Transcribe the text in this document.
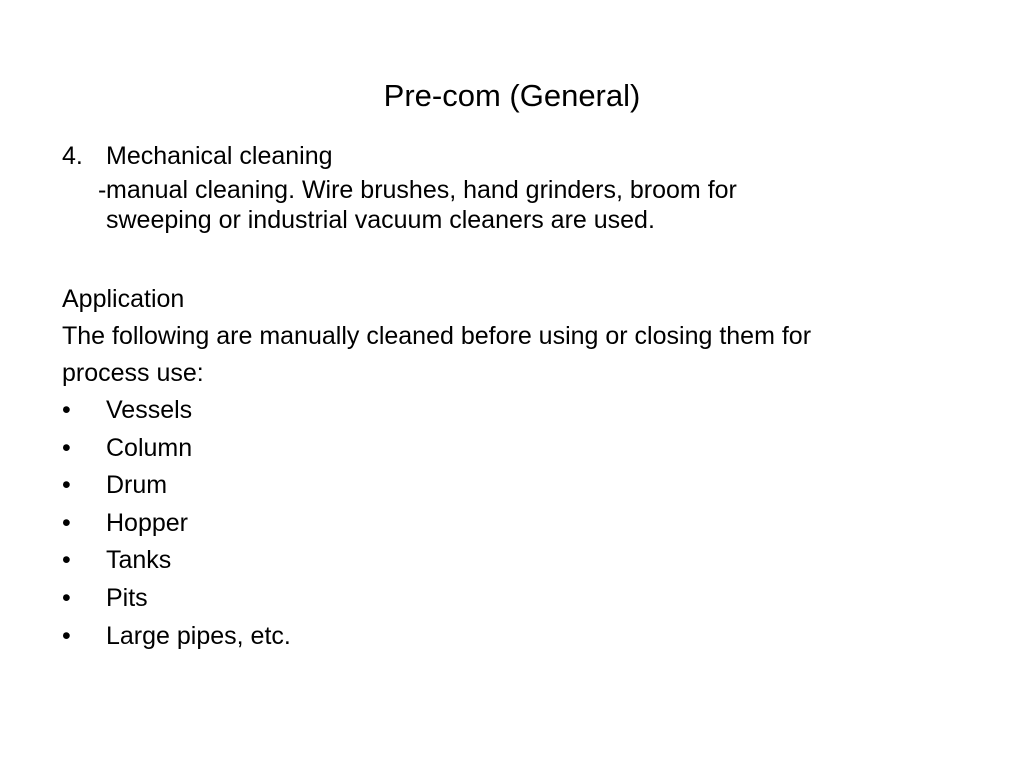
Pre-com (General)
4. Mechanical cleaning
-manual cleaning. Wire brushes, hand grinders, broom for
sweeping or industrial vacuum cleaners are used.
Application
The following are manually cleaned before using or closing them for
process use:
•	Vessels
•	Column
•	Drum
•	Hopper
•	Tanks
•	Pits
•	Large pipes, etc.
